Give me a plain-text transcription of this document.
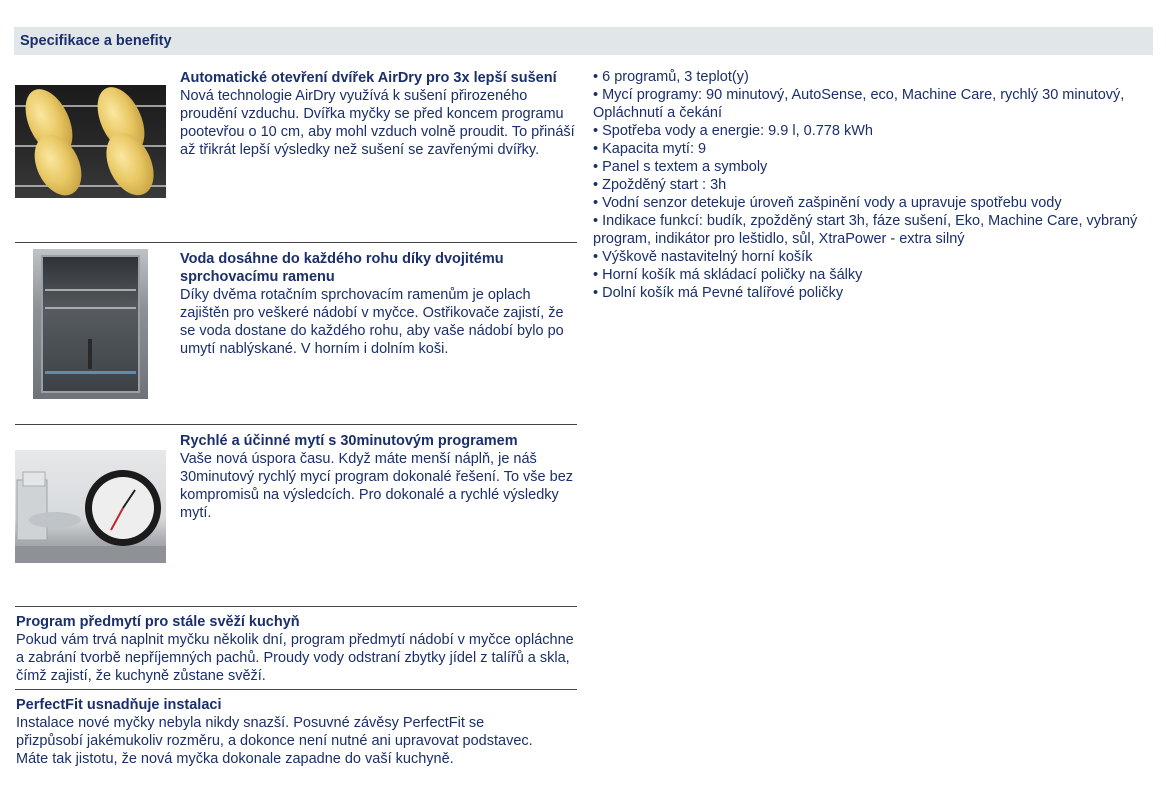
Specifikace a benefity
Automatické otevření dvířek AirDry pro 3x lepší sušení
Nová technologie AirDry využívá k sušení přirozeného proudění vzduchu. Dvířka myčky se před koncem programu pootevřou o 10 cm, aby mohl vzduch volně proudit. To přináší až třikrát lepší výsledky než sušení se zavřenými dvířky.
Voda dosáhne do každého rohu díky dvojitému sprchovacímu ramenu
Díky dvěma rotačním sprchovacím ramenům je oplach zajištěn pro veškeré nádobí v myčce. Ostřikovače zajistí, že se voda dostane do každého rohu, aby vaše nádobí bylo po umytí nablýskané. V horním i dolním koši.
Rychlé a účinné mytí s 30minutovým programem
Vaše nová úspora času. Když máte menší náplň, je náš 30minutový rychlý mycí program dokonalé řešení. To vše bez kompromisů na výsledcích. Pro dokonalé a rychlé výsledky mytí.
Program předmytí pro stále svěží kuchyň
Pokud vám trvá naplnit myčku několik dní, program předmytí nádobí v myčce opláchne a zabrání tvorbě nepříjemných pachů. Proudy vody odstraní zbytky jídel z talířů a skla, čímž zajistí, že kuchyně zůstane svěží.
PerfectFit usnadňuje instalaci
Instalace nové myčky nebyla nikdy snazší. Posuvné závěsy PerfectFit se přizpůsobí jakémukoliv rozměru, a dokonce není nutné ani upravovat podstavec. Máte tak jistotu, že nová myčka dokonale zapadne do vaší kuchyně.
• 6 programů, 3 teplot(y)
• Mycí programy: 90 minutový, AutoSense, eco, Machine Care, rychlý 30 minutový, Opláchnutí a čekání
• Spotřeba vody a energie: 9.9 l, 0.778 kWh
• Kapacita mytí: 9
• Panel s textem a symboly
• Zpožděný start : 3h
• Vodní senzor detekuje úroveň zašpinění vody a upravuje spotřebu vody
• Indikace funkcí: budík, zpožděný start 3h, fáze sušení, Eko, Machine Care, vybraný program, indikátor pro leštidlo, sůl, XtraPower - extra silný
• Výškově nastavitelný horní košík
• Horní košík má skládací poličky na šálky
• Dolní košík má Pevné talířové poličky
